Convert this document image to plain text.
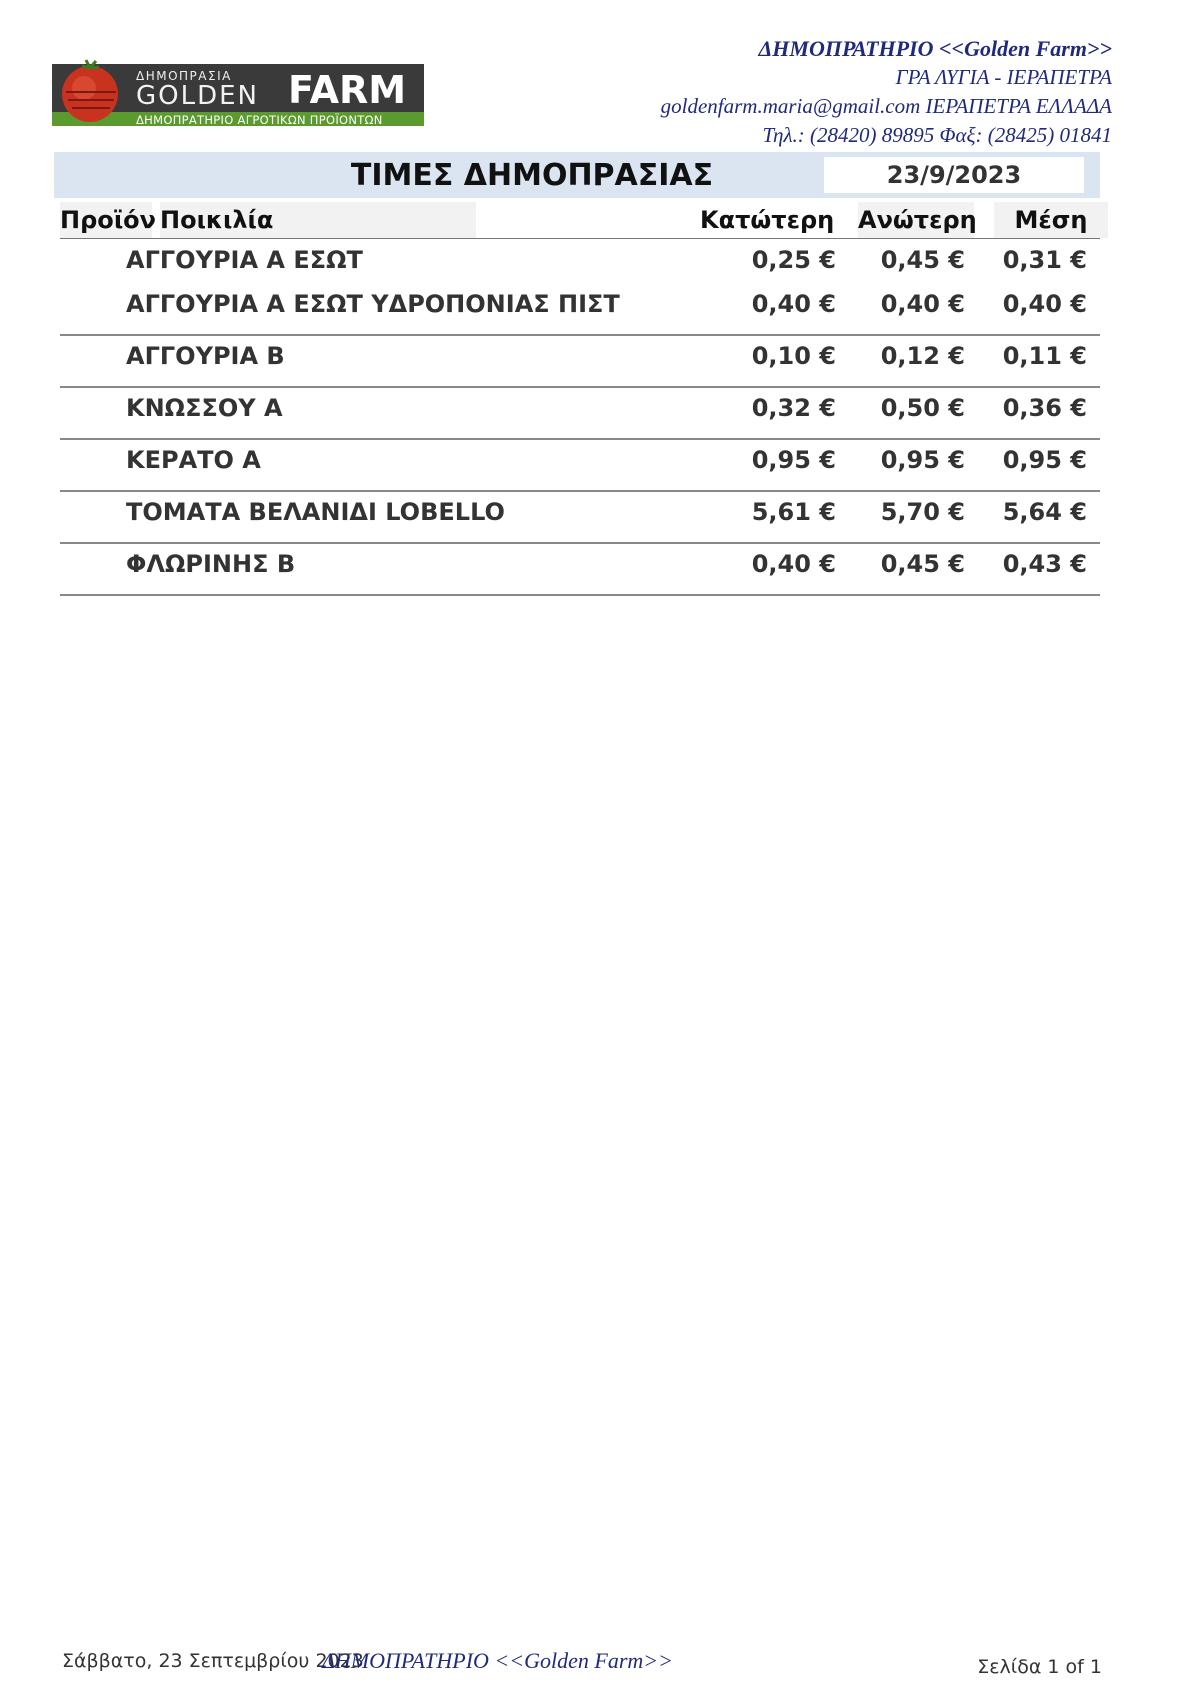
ΔΗΜΟΠΡΑΣΙΑ
GOLDEN FARM
ΔΗΜΟΠΡΑΤΗΡΙΟ ΑΓΡΟΤΙΚΩΝ ΠΡΟΪΟΝΤΩΝ
ΔΗΜΟΠΡΑΤΗΡΙΟ <<Golden Farm>>
ΓΡΑ ΛΥΓΙΑ - ΙΕΡΑΠΕΤΡΑ
goldenfarm.maria@gmail.com ΙΕΡΑΠΕΤΡΑ ΕΛΛΑΔΑ
Τηλ.: (28420) 89895 Φαξ: (28425) 01841
ΤΙΜΕΣ ΔΗΜΟΠΡΑΣΙΑΣ	23/9/2023
Προϊόν Ποικιλία	Κατώτερη Ανώτερη	Μέση
ΑΓΓΟΥΡΙΑ Α ΕΣΩΤ	0,25 € 0,45 € 0,31 €
ΑΓΓΟΥΡΙΑ Α ΕΣΩΤ ΥΔΡΟΠΟΝΙΑΣ ΠΙΣΤ	0,40 € 0,40 € 0,40 €
ΑΓΓΟΥΡΙΑ Β	0,10 € 0,12 € 0,11 €
ΚΝΩΣΣΟΥ Α	0,32 € 0,50 € 0,36 €
ΚΕΡΑΤΟ Α	0,95 € 0,95 € 0,95 €
ΤΟΜΑΤΑ ΒΕΛΑΝΙΔΙ LOBELLO	5,61 € 5,70 € 5,64 €
ΦΛΩΡΙΝΗΣ Β	0,40 € 0,45 € 0,43 €
Σάββατο, 23 Σεπτεμβρίου 2023
ΔΗΜΟΠΡΑΤΗΡΙΟ <<Golden Farm>>	Σελίδα 1 of 1
